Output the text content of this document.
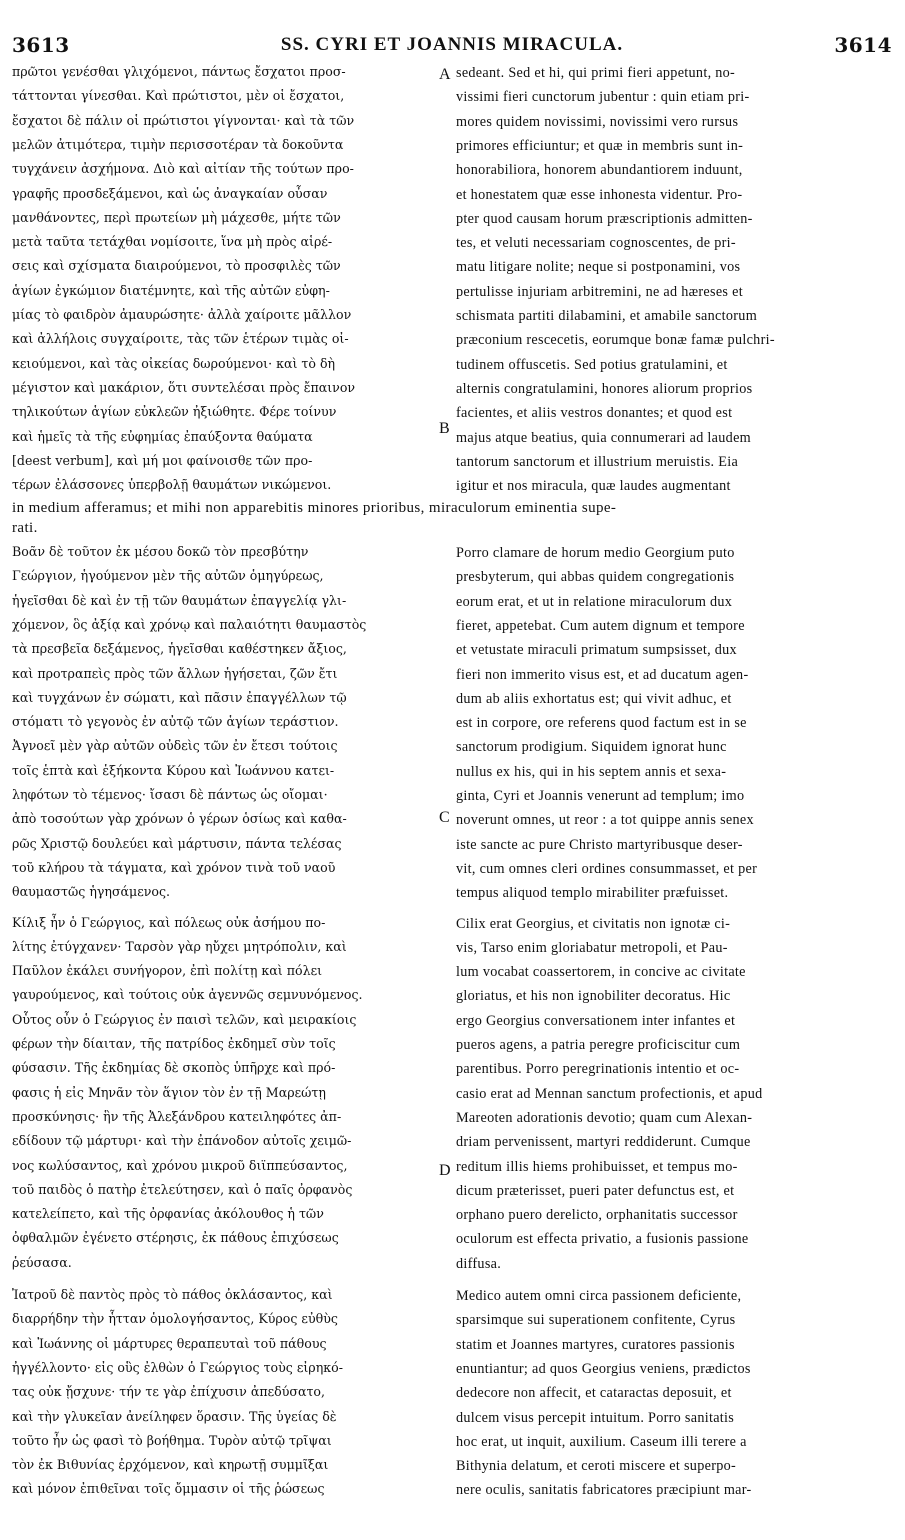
3613	SS. CYRI ET JOANNIS MIRACULA.	3614
πρῶτοι γενέσθαι γλιχόμενοι, πάντως ἔσχατοι προσ-
τάττονται γίνεσθαι. Καὶ πρώτιστοι, μὲν οἱ ἔσχατοι,
ἔσχατοι δὲ πάλιν οἱ πρώτιστοι γίγνονται· καὶ τὰ τῶν
μελῶν ἀτιμότερα, τιμὴν περισσοτέραν τὰ δοκοῦντα
τυγχάνειν ἀσχήμονα. Διὸ καὶ αἰτίαν τῆς τούτων προ-
γραφῆς προσδεξάμενοι, καὶ ὡς ἀναγκαίαν οὖσαν
μανθάνοντες, περὶ πρωτείων μὴ μάχεσθε, μήτε τῶν
μετὰ ταῦτα τετάχθαι νομίσοιτε, ἵνα μὴ πρὸς αἱρέ-
σεις καὶ σχίσματα διαιρούμενοι, τὸ προσφιλὲς τῶν
ἁγίων ἐγκώμιον διατέμνητε, καὶ τῆς αὐτῶν εὐφη-
μίας τὸ φαιδρὸν ἀμαυρώσητε· ἀλλὰ χαίροιτε μᾶλλον
καὶ ἀλλήλοις συγχαίροιτε, τὰς τῶν ἑτέρων τιμὰς οἰ-
κειούμενοι, καὶ τὰς οἰκείας δωρούμενοι· καὶ τὸ δὴ
μέγιστον καὶ μακάριον, ὅτι συντελέσαι πρὸς ἔπαινον
τηλικούτων ἁγίων εὐκλεῶν ἠξιώθητε. Φέρε τοίνυν
καὶ ἡμεῖς τὰ τῆς εὐφημίας ἐπαύξοντα θαύματα
[deest verbum], καὶ μή μοι φαίνοισθε τῶν προ-
τέρων ἐλάσσονες ὑπερβολῇ θαυμάτων νικώμενοι.
sedeant. Sed et hi, qui primi fieri appetunt, no-
vissimi fieri cunctorum jubentur : quin etiam pri-
mores quidem novissimi, novissimi vero rursus
primores efficiuntur; et quæ in membris sunt in-
honorabiliora, honorem abundantiorem induunt,
et honestatem quæ esse inhonesta videntur. Pro-
pter quod causam horum præscriptionis admitten-
tes, et veluti necessariam cognoscentes, de pri-
matu litigare nolite; neque si postponamini, vos
pertulisse injuriam arbitremini, ne ad hæreses et
schismata partiti dilabamini, et amabile sanctorum
præconium rescecetis, eorumque bonæ famæ pulchri-
tudinem offuscetis. Sed potius gratulamini, et
alternis congratulamini, honores aliorum proprios
facientes, et aliis vestros donantes; et quod est
majus atque beatius, quia connumerari ad laudem
tantorum sanctorum et illustrium meruistis. Eia
igitur et nos miracula, quæ laudes augmentant
in medium afferamus; et mihi non apparebitis minores prioribus, miraculorum eminentia supe-
rati.
Βοᾶν δὲ τοῦτον ἐκ μέσου δοκῶ τὸν πρεσβύτην
Γεώργιον, ἡγούμενον μὲν τῆς αὐτῶν ὁμηγύρεως,
ἡγεῖσθαι δὲ καὶ ἐν τῇ τῶν θαυμάτων ἐπαγγελίᾳ γλι-
χόμενον, ὃς ἀξίᾳ καὶ χρόνῳ καὶ παλαιότητι θαυμαστὸς
τὰ πρεσβεῖα δεξάμενος, ἡγεῖσθαι καθέστηκεν ἄξιος,
καὶ προτραπεὶς πρὸς τῶν ἄλλων ἡγήσεται, ζῶν ἔτι
καὶ τυγχάνων ἐν σώματι, καὶ πᾶσιν ἐπαγγέλλων τῷ
στόματι τὸ γεγονὸς ἐν αὐτῷ τῶν ἁγίων τεράστιον.
Ἀγνοεῖ μὲν γὰρ αὐτῶν οὐδεὶς τῶν ἐν ἔτεσι τούτοις
τοῖς ἑπτὰ καὶ ἑξήκοντα Κύρου καὶ Ἰωάννου κατει-
ληφότων τὸ τέμενος· ἴσασι δὲ πάντως ὡς οἴομαι·
ἀπὸ τοσούτων γὰρ χρόνων ὁ γέρων ὁσίως καὶ καθα-
ρῶς Χριστῷ δουλεύει καὶ μάρτυσιν, πάντα τελέσας
τοῦ κλήρου τὰ τάγματα, καὶ χρόνον τινὰ τοῦ ναοῦ
θαυμαστῶς ἡγησάμενος.
Κίλιξ ἦν ὁ Γεώργιος, καὶ πόλεως οὐκ ἀσήμου πο-
λίτης ἐτύγχανεν· Ταρσὸν γὰρ ηὔχει μητρόπολιν, καὶ
Παῦλον ἐκάλει συνήγορον, ἐπὶ πολίτῃ καὶ πόλει
γαυρούμενος, καὶ τούτοις οὐκ ἀγεννῶς σεμνυνόμενος.
Οὗτος οὖν ὁ Γεώργιος ἐν παισὶ τελῶν, καὶ μειρακίοις
φέρων τὴν δίαιταν, τῆς πατρίδος ἐκδημεῖ σὺν τοῖς
φύσασιν. Τῆς ἐκδημίας δὲ σκοπὸς ὑπῆρχε καὶ πρό-
φασις ἡ εἰς Μηνᾶν τὸν ἅγιον τὸν ἐν τῇ Μαρεώτῃ
προσκύνησις· ἣν τῆς Ἀλεξάνδρου κατειληφότες ἀπ-
εδίδουν τῷ μάρτυρι· καὶ τὴν ἐπάνοδον αὐτοῖς χειμῶ-
νος κωλύσαντος, καὶ χρόνου μικροῦ διϊππεύσαντος,
τοῦ παιδὸς ὁ πατὴρ ἐτελεύτησεν, καὶ ὁ παῖς ὀρφανὸς
κατελείπετο, καὶ τῆς ὀρφανίας ἀκόλουθος ἡ τῶν
ὀφθαλμῶν ἐγένετο στέρησις, ἐκ πάθους ἐπιχύσεως
ῥεύσασα.
Ἰατροῦ δὲ παντὸς πρὸς τὸ πάθος ὀκλάσαντος, καὶ
διαρρήδην τὴν ἧτταν ὁμολογήσαντος, Κύρος εὐθὺς
καὶ Ἰωάννης οἱ μάρτυρες θεραπευταὶ τοῦ πάθους
ἠγγέλλοντο· εἰς οὓς ἐλθὼν ὁ Γεώργιος τοὺς εἰρηκό-
τας οὐκ ᾔσχυνε· τήν τε γὰρ ἐπίχυσιν ἀπεδύσατο,
καὶ τὴν γλυκεῖαν ἀνείληφεν ὅρασιν. Τῆς ὑγείας δὲ
τοῦτο ἦν ὡς φασὶ τὸ βοήθημα. Τυρὸν αὐτῷ τρῖψαι
τὸν ἐκ Βιθυνίας ἐρχόμενον, καὶ κηρωτῇ συμμῖξαι
καὶ μόνον ἐπιθεῖναι τοῖς ὄμμασιν οἱ τῆς ῥώσεως
Porro clamare de horum medio Georgium puto
presbyterum, qui abbas quidem congregationis
eorum erat, et ut in relatione miraculorum dux
fieret, appetebat. Cum autem dignum et tempore
et vetustate miraculi primatum sumpsisset, dux
fieri non immerito visus est, et ad ducatum agen-
dum ab aliis exhortatus est; qui vivit adhuc, et
est in corpore, ore referens quod factum est in se
sanctorum prodigium. Siquidem ignorat hunc
nullus ex his, qui in his septem annis et sexa-
ginta, Cyri et Joannis venerunt ad templum; imo
noverunt omnes, ut reor : a tot quippe annis senex
iste sancte ac pure Christo martyribusque deser-
vit, cum omnes cleri ordines consummasset, et per
tempus aliquod templo mirabiliter præfuisset.
Cilix erat Georgius, et civitatis non ignotæ ci-
vis, Tarso enim gloriabatur metropoli, et Pau-
lum vocabat coassertorem, in concive ac civitate
gloriatus, et his non ignobiliter decoratus. Hic
ergo Georgius conversationem inter infantes et
pueros agens, a patria peregre proficiscitur cum
parentibus. Porro peregrinationis intentio et oc-
casio erat ad Mennan sanctum profectionis, et apud
Mareoten adorationis devotio; quam cum Alexan-
driam pervenissent, martyri reddiderunt. Cumque
reditum illis hiems prohibuisset, et tempus mo-
dicum præterisset, pueri pater defunctus est, et
orphano puero derelicto, orphanitatis successor
oculorum est effecta privatio, a fusionis passione
diffusa.
Medico autem omni circa passionem deficiente,
sparsimque sui superationem confitente, Cyrus
statim et Joannes martyres, curatores passionis
enuntiantur; ad quos Georgius veniens, prædictos
dedecore non affecit, et cataractas deposuit, et
dulcem visus percepit intuitum. Porro sanitatis
hoc erat, ut inquit, auxilium. Caseum illi terere a
Bithynia delatum, et ceroti miscere et superpo-
nere oculis, sanitatis fabricatores præcipiunt mar-
A
B
C
D
